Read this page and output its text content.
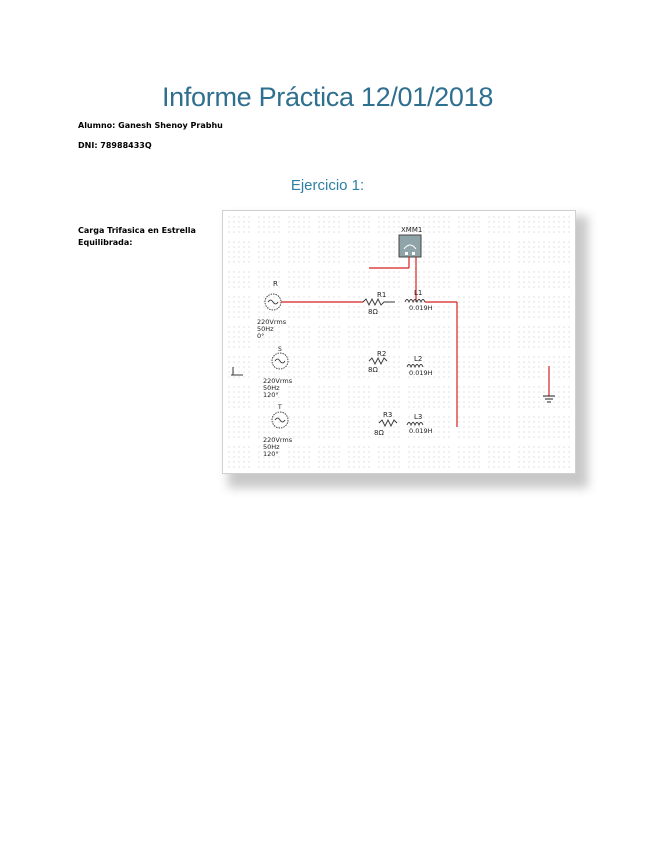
Informe Práctica 12/01/2018
Alumno: Ganesh Shenoy Prabhu
DNI: 78988433Q
Ejercicio 1:
Carga Trifasica en Estrella Equilibrada:
XMM1
R
220Vrms
50Hz
0°
S
220Vrms
50Hz
120°
T
220Vrms
50Hz
120°
R1
8Ω
L1
0.019H
R2
8Ω
L2
0.019H
R3
8Ω
L3
0.019H
